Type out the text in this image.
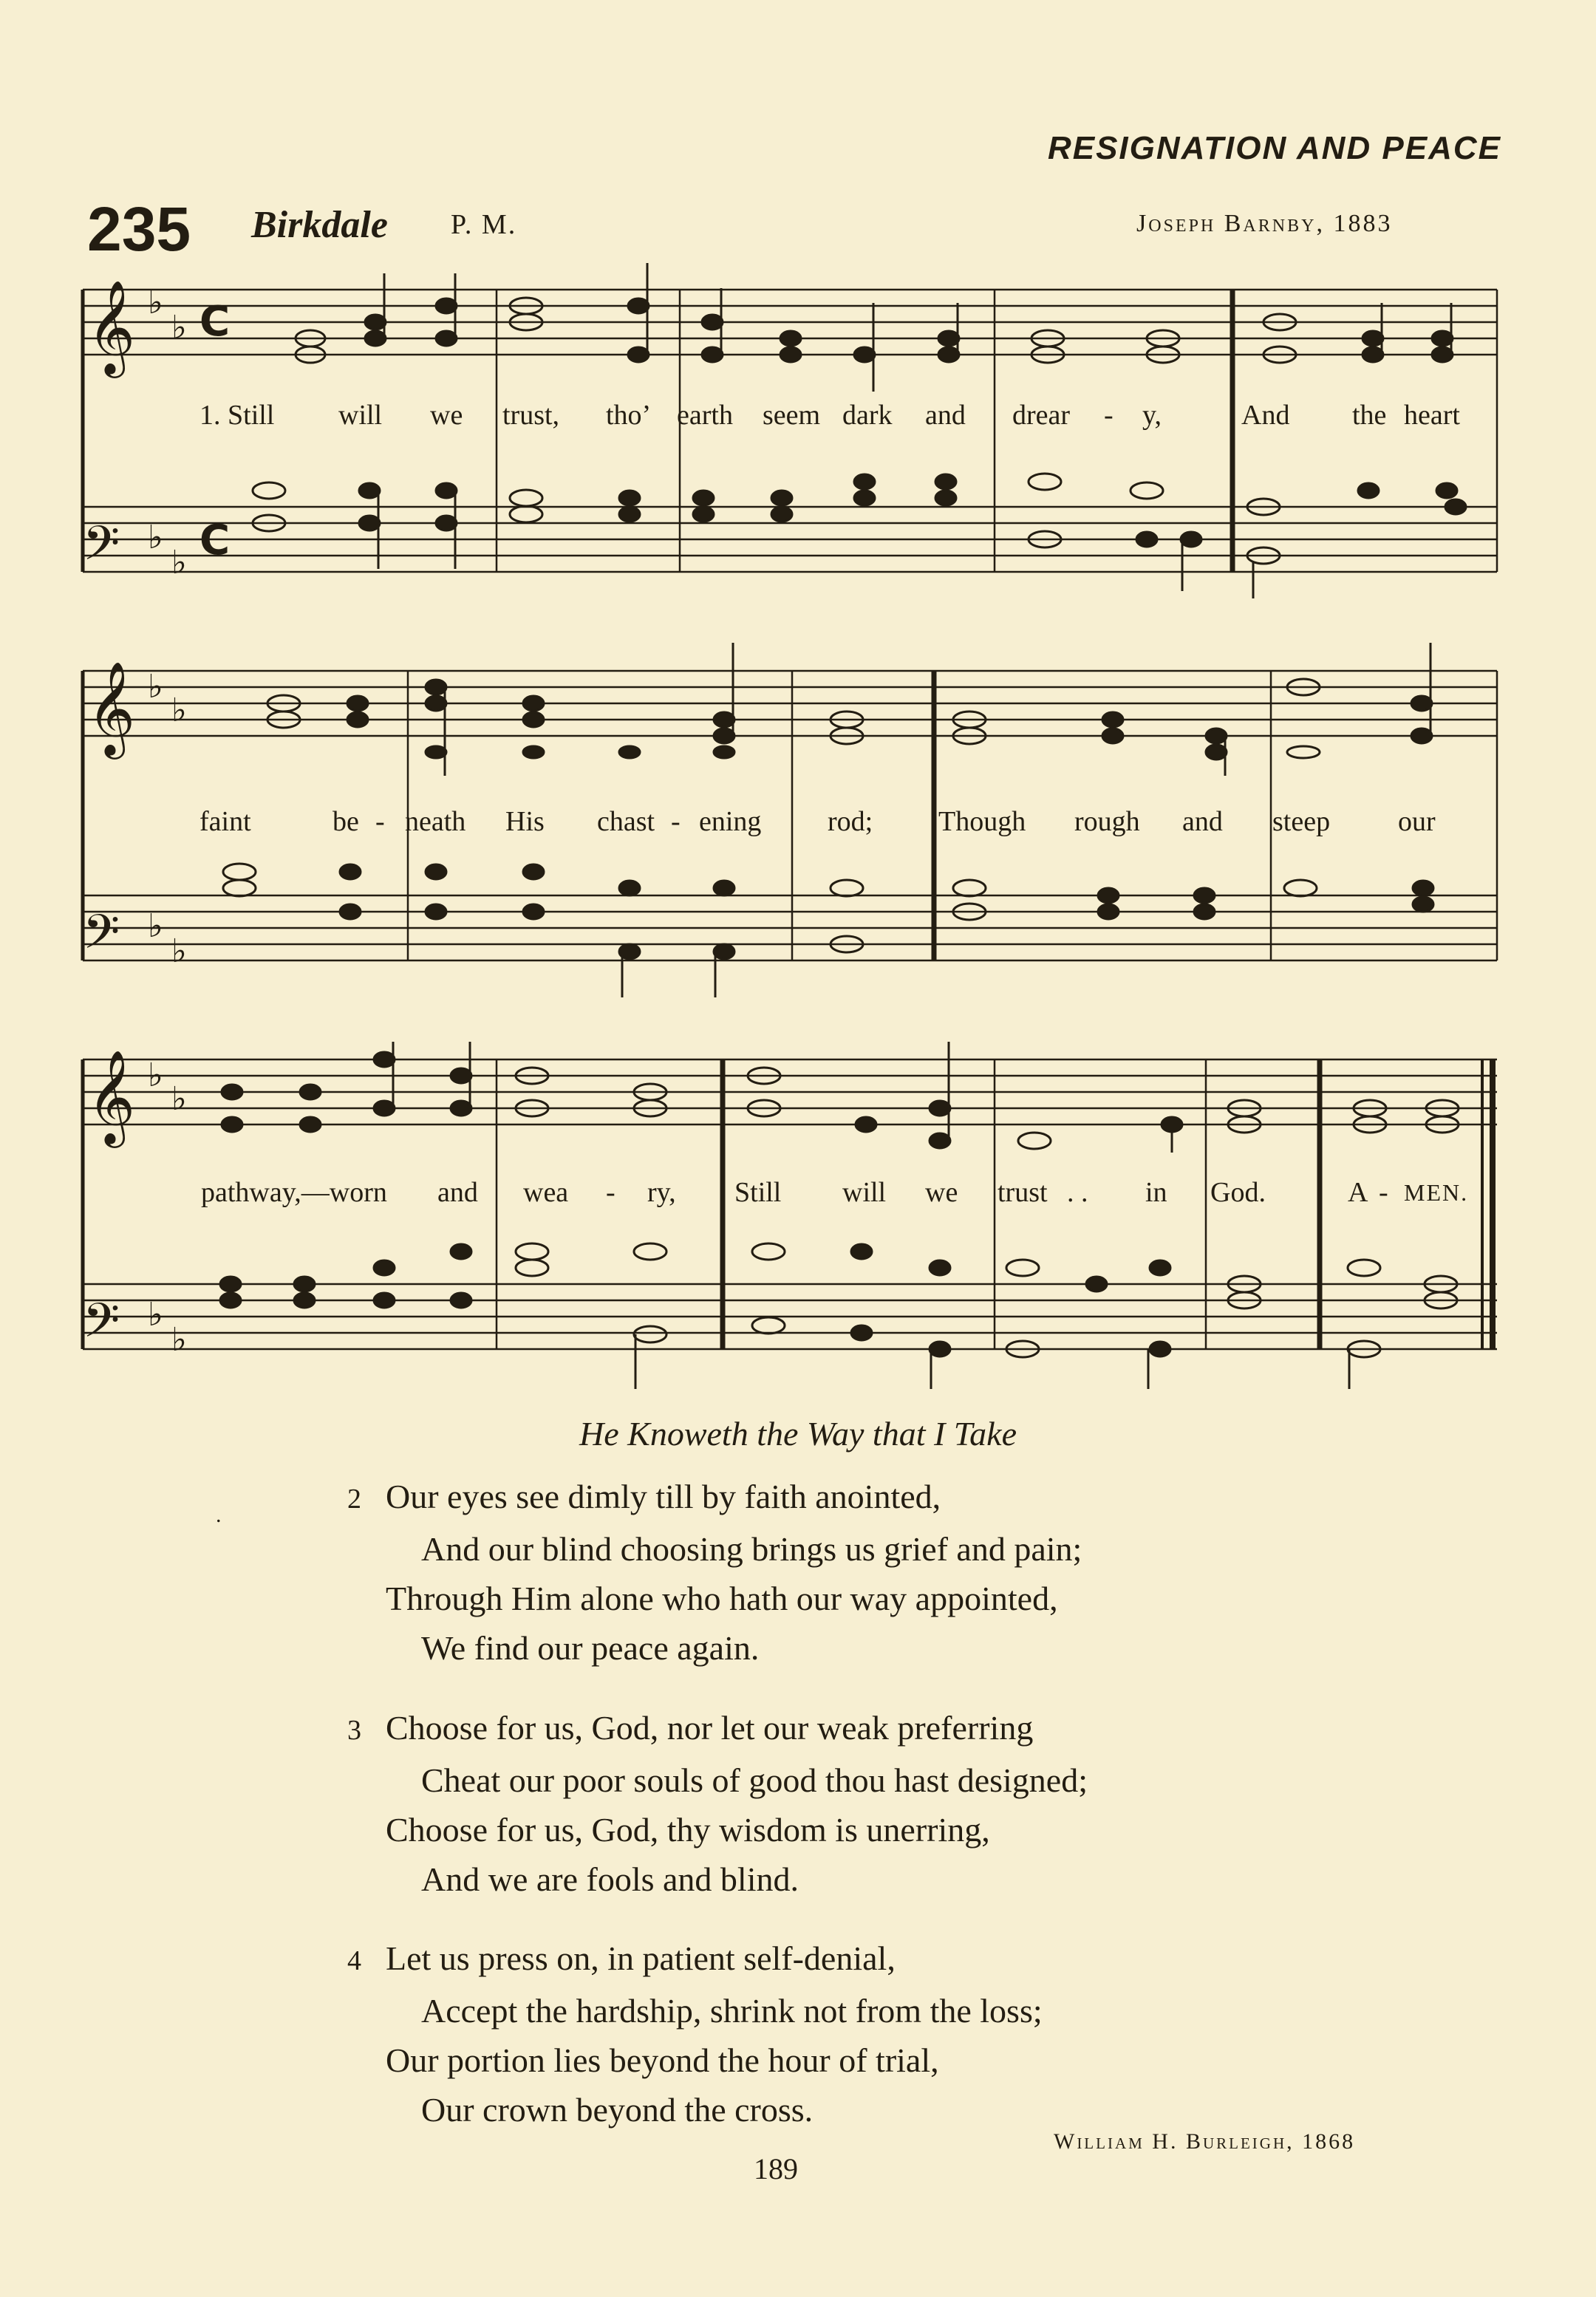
RESIGNATION AND PEACE
235 Birkdale P. M.	Joseph Barnby, 1883
𝄞
𝄞
𝄞
𝄢
𝄢
𝄢
♭
♭
♭
♭
♭
♭
♭
♭
♭
♭
♭
♭
C
C
1. Still will we trust, tho’ earth seem dark and drear - y,	And the heart
faint	be - neath His chast - ening rod; Though rough and steep our
pathway,—worn and wea - ry, Still will we trust . . in God.	A - MEN.
He Knoweth the Way that I Take
.
2 Our eyes see dimly till by faith anointed,
And our blind choosing brings us grief and pain;
Through Him alone who hath our way appointed,
We find our peace again.
3 Choose for us, God, nor let our weak preferring
Cheat our poor souls of good thou hast designed;
Choose for us, God, thy wisdom is unerring,
And we are fools and blind.
4 Let us press on, in patient self-denial,
Accept the hardship, shrink not from the loss;
Our portion lies beyond the hour of trial,
Our crown beyond the cross.
William H. Burleigh, 1868
189
